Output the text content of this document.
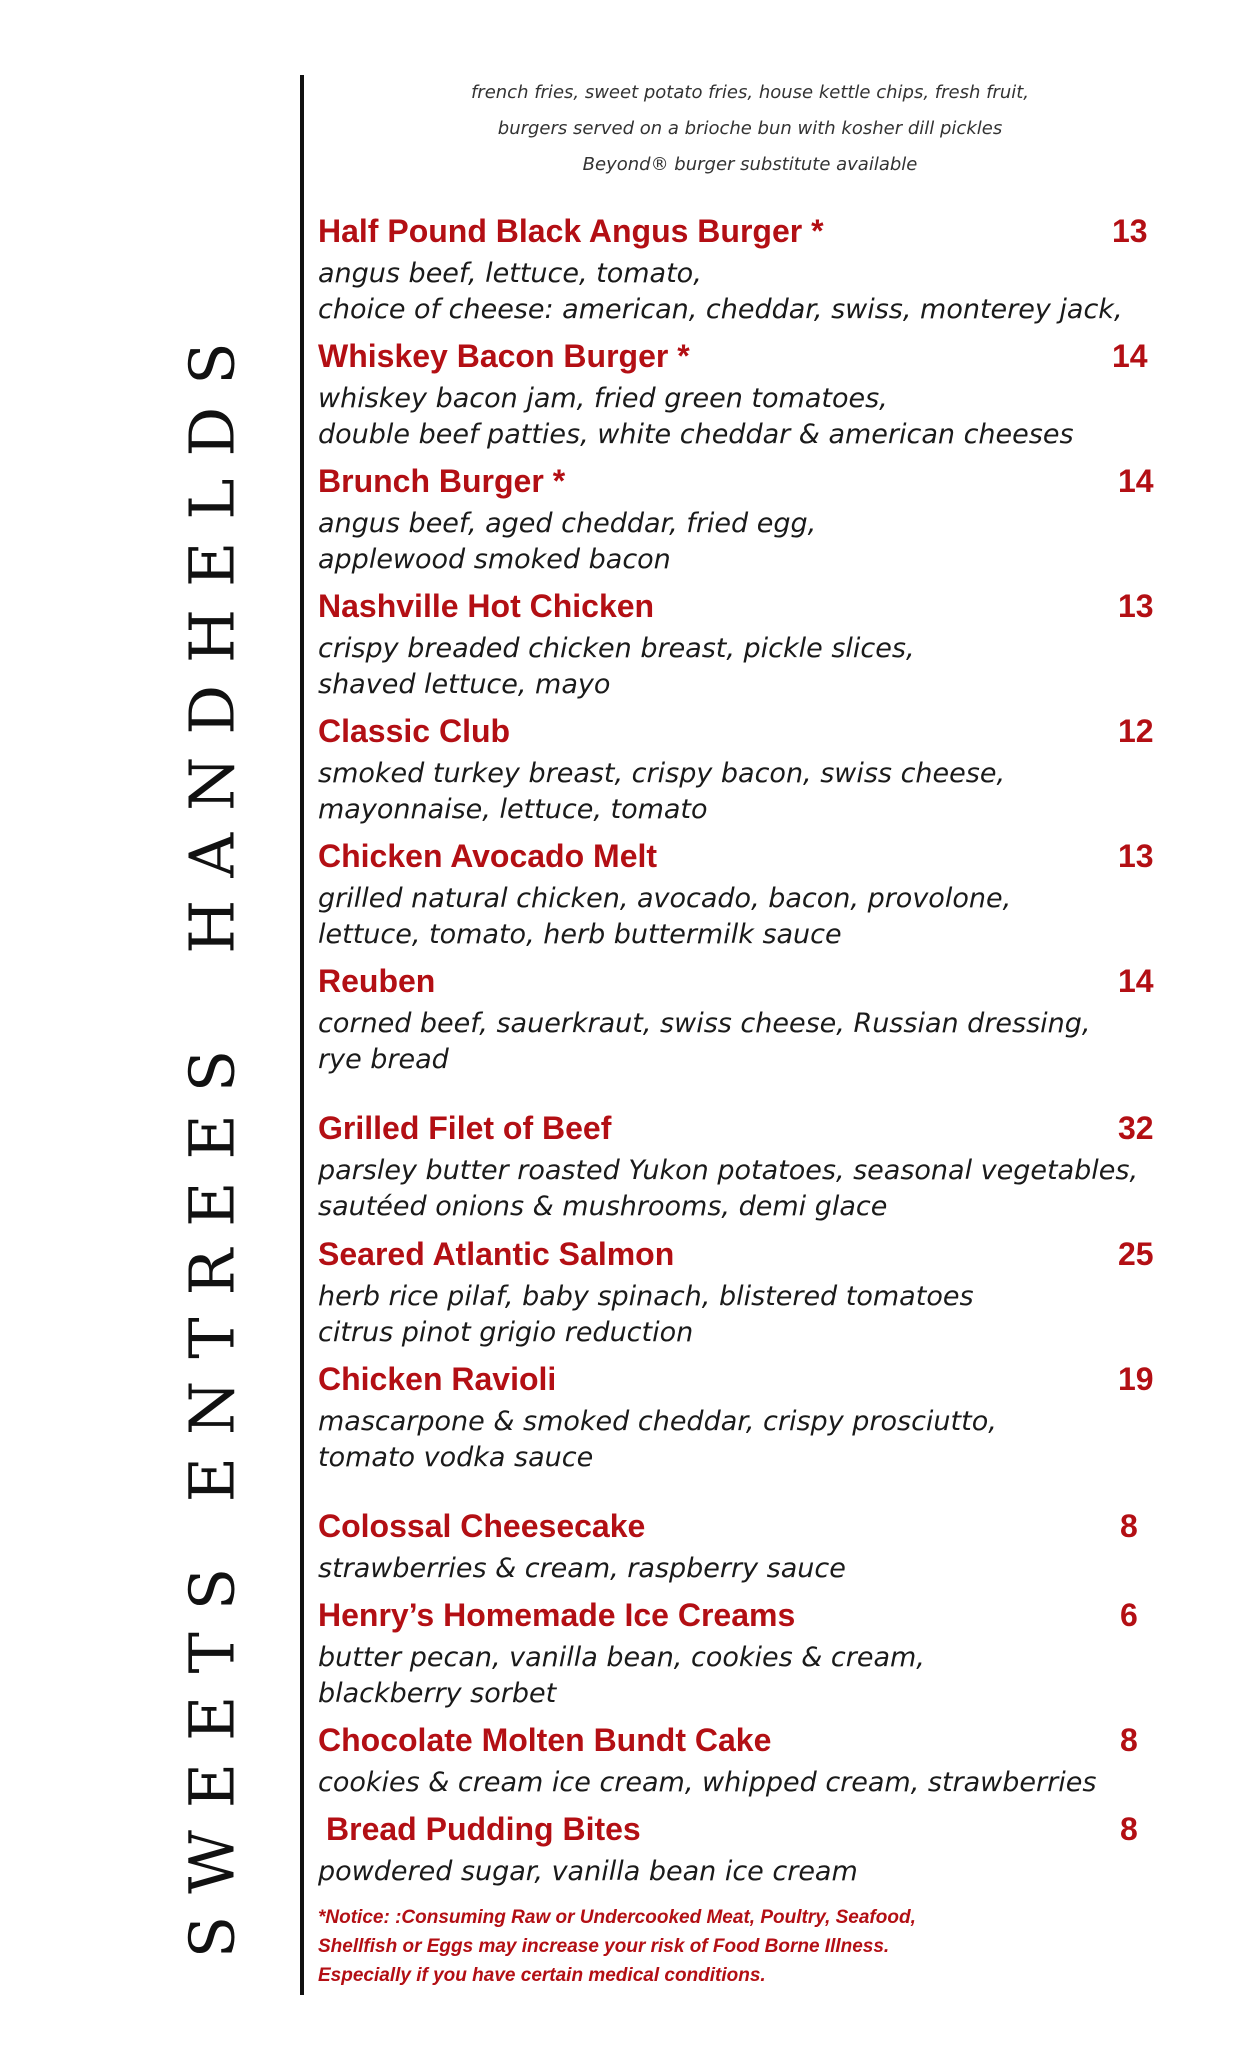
HANDHELDS
ENTREES
SWEETS
french fries, sweet potato fries, house kettle chips, fresh fruit,
burgers served on a brioche bun with kosher dill pickles
Beyond® burger substitute available
Half Pound Black Angus Burger *	13
angus beef, lettuce, tomato,
choice of cheese: american, cheddar, swiss, monterey jack,
Whiskey Bacon Burger *	14
whiskey bacon jam, fried green tomatoes,
double beef patties, white cheddar & american cheeses
Brunch Burger *	14
angus beef, aged cheddar, fried egg,
applewood smoked bacon
Nashville Hot Chicken	13
crispy breaded chicken breast, pickle slices,
shaved lettuce, mayo
Classic Club	12
smoked turkey breast, crispy bacon, swiss cheese,
mayonnaise, lettuce, tomato
Chicken Avocado Melt	13
grilled natural chicken, avocado, bacon, provolone,
lettuce, tomato, herb buttermilk sauce
Reuben	14
corned beef, sauerkraut, swiss cheese, Russian dressing,
rye bread
Grilled Filet of Beef	32
parsley butter roasted Yukon potatoes, seasonal vegetables,
sautéed onions & mushrooms, demi glace
Seared Atlantic Salmon	25
herb rice pilaf, baby spinach, blistered tomatoes
citrus pinot grigio reduction
Chicken Ravioli	19
mascarpone & smoked cheddar, crispy prosciutto,
tomato vodka sauce
Colossal Cheesecake	8
strawberries & cream, raspberry sauce
Henry’s Homemade Ice Creams	6
butter pecan, vanilla bean, cookies & cream,
blackberry sorbet
Chocolate Molten Bundt Cake	8
cookies & cream ice cream, whipped cream, strawberries
Bread Pudding Bites	8
powdered sugar, vanilla bean ice cream
*Notice: :Consuming Raw or Undercooked Meat, Poultry, Seafood,
Shellfish or Eggs may increase your risk of Food Borne Illness.
Especially if you have certain medical conditions.
